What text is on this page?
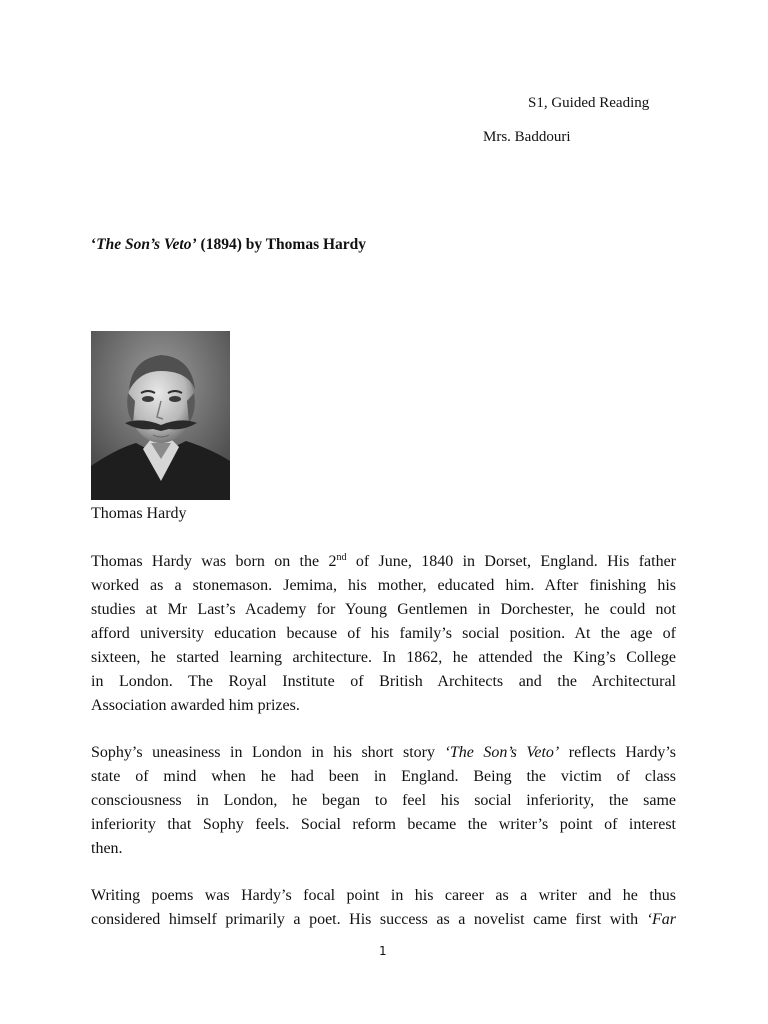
S1, Guided Reading
Mrs. Baddouri
‘The Son’s Veto’ (1894) by Thomas Hardy
Thomas Hardy
Thomas Hardy was born on the 2nd of June, 1840 in Dorset, England. His father
worked as a stonemason. Jemima, his mother, educated him. After finishing his
studies at Mr Last’s Academy for Young Gentlemen in Dorchester, he could not
afford university education because of his family’s social position. At the age of
sixteen, he started learning architecture. In 1862, he attended the King’s College
in London. The Royal Institute of British Architects and the Architectural
Association awarded him prizes.
Sophy’s uneasiness in London in his short story ‘The Son’s Veto’ reflects Hardy’s
state of mind when he had been in England. Being the victim of class
consciousness in London, he began to feel his social inferiority, the same
inferiority that Sophy feels. Social reform became the writer’s point of interest
then.
Writing poems was Hardy’s focal point in his career as a writer and he thus
considered himself primarily a poet. His success as a novelist came first with ‘Far
1
